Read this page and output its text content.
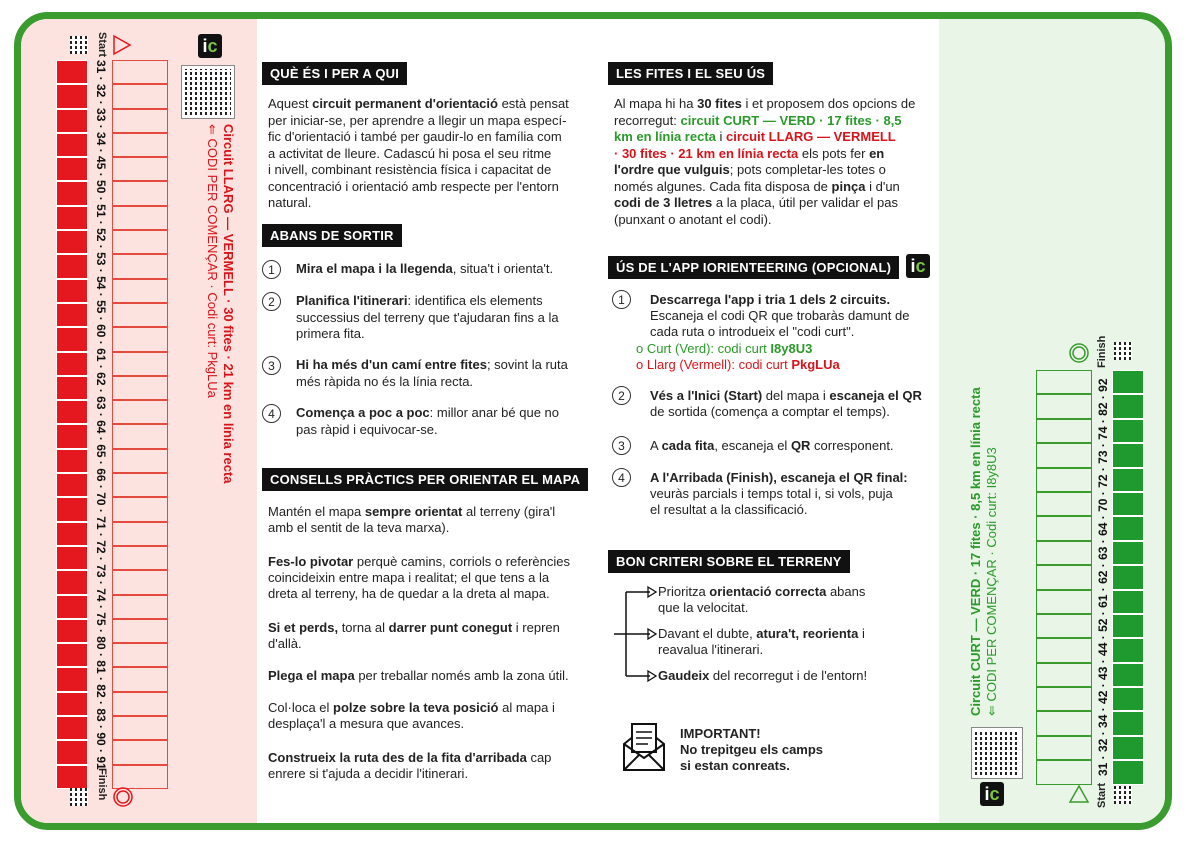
31 · 32 · 33 · 34 · 45 · 50 · 51 · 52 · 53 · 54 · 55 · 60 · 61 · 62 · 63 · 64 · 65 · 66 · 70 · 71 · 72 · 73 · 74 · 75 · 80 · 81 · 82 · 83 · 90 · 91
Start
Finish
Circuit LLARG — VERMELL · 30 fites · 21 km en línia recta
⇐ CODI PER COMENÇAR · Codi curt: PkgLUa
i c
31 · 32 · 34 · 42 · 43 · 44 · 52 · 61 · 62 · 63 · 64 · 70 · 72 · 73 · 74 · 82 · 92
Start
Finish
Circuit CURT — VERD · 17 fites · 8,5 km en línia recta ⇐ CODI PER COMENÇAR · Codi curt: I8y8U3
i c
QUÈ ÉS I PER A QUI
Aquest circuit permanent d'orientació està pensat
per iniciar-se, per aprendre a llegir un mapa especí-
fic d'orientació i també per gaudir-lo en família com
a activitat de lleure. Cadascú hi posa el seu ritme
i nivell, combinant resistència física i capacitat de
concentració i orientació amb respecte per l'entorn
natural.
ABANS DE SORTIR
CONSELLS PRÀCTICS PER ORIENTAR EL MAPA
LES FITES I EL SEU ÚS
Al mapa hi ha 30 fites i et proposem dos opcions de
recorregut: circuit CURT — VERD · 17 fites · 8,5
km en línia recta i circuit LLARG — VERMELL
· 30 fites · 21 km en línia recta els pots fer en
l'ordre que vulguis; pots completar-les totes o
només algunes. Cada fita disposa de pinça i d'un
codi de 3 lletres a la placa, útil per validar el pas
(punxant o anotant el codi).
ÚS DE L'APP IORIENTEERING (OPCIONAL)	i c
BON CRITERI SOBRE EL TERRENY
IMPORTANT!
No trepitgeu els camps
si estan conreats.
1	Mira el mapa i la llegenda, situa't i orienta't.
2	Planifica l'itinerari: identifica els elements
successius del terreny que t'ajudaran fins a la primera fita.
3	Hi ha més d'un camí entre fites; sovint la ruta
més ràpida no és la línia recta.
4	Comença a poc a poc: millor anar bé que no
pas ràpid i equivocar-se.
Mantén el mapa sempre orientat al terreny (gira'l
amb el sentit de la teva marxa).
Fes-lo pivotar perquè camins, corriols o referències
coincideixin entre mapa i realitat; el que tens a la
dreta al terreny, ha de quedar a la dreta al mapa.
Si et perds, torna al darrer punt conegut i repren
d'allà.
Plega el mapa per treballar només amb la zona útil.
Col·loca el polze sobre la teva posició al mapa i
desplaça'l a mesura que avances.
Construeix la ruta des de la fita d'arribada cap
enrere si t'ajuda a decidir l'itinerari.
1
2
3
4
Descarrega l'app i tria 1 dels 2 circuits.
Escaneja el codi QR que trobaràs damunt de
cada ruta o introdueix el "codi curt".
o Curt (Verd): codi curt I8y8U3
o Llarg (Vermell): codi curt PkgLUa
Vés a l'Inici (Start) del mapa i escaneja el QR
de sortida (comença a comptar el temps).
A cada fita, escaneja el QR corresponent.
A l'Arribada (Finish), escaneja el QR final:
veuràs parcials i temps total i, si vols, puja
el resultat a la classificació.
Prioritza orientació correcta abans
que la velocitat.
Davant el dubte, atura't, reorienta i
reavalua l'itinerari.
Gaudeix del recorregut i de l'entorn!
